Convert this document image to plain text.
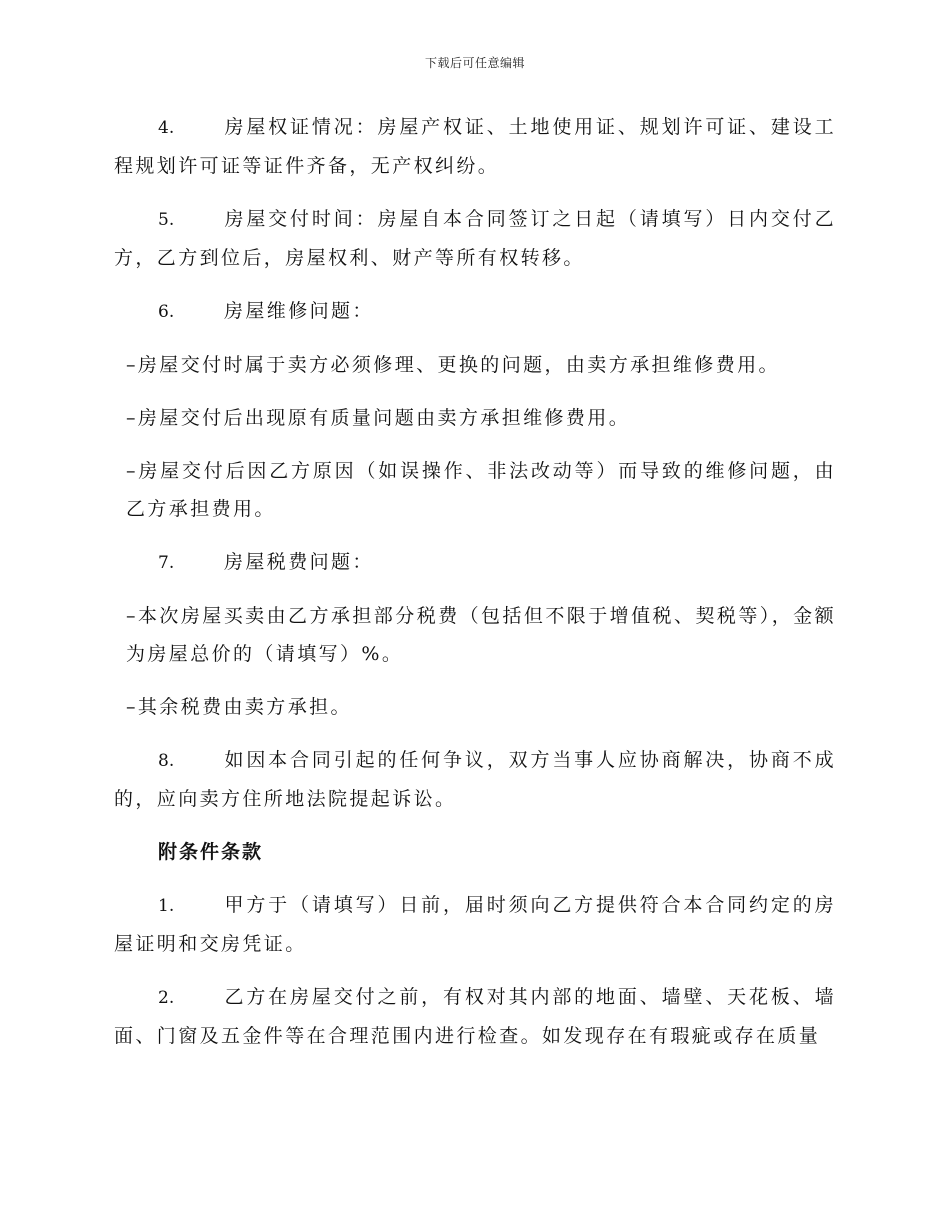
下载后可任意编辑

4.	房屋权证情况：房屋产权证、土地使用证、规划许可证、建设工程规划许可证等证件齐备，无产权纠纷。

5.	房屋交付时间：房屋自本合同签订之日起（请填写）日内交付乙方，乙方到位后，房屋权利、财产等所有权转移。

6.	房屋维修问题：

–房屋交付时属于卖方必须修理、更换的问题，由卖方承担维修费用。

–房屋交付后出现原有质量问题由卖方承担维修费用。

–房屋交付后因乙方原因（如误操作、非法改动等）而导致的维修问题，由乙方承担费用。

7.	房屋税费问题：

–本次房屋买卖由乙方承担部分税费（包括但不限于增值税、契税等），金额为房屋总价的（请填写）%。

–其余税费由卖方承担。

8.	如因本合同引起的任何争议，双方当事人应协商解决，协商不成的，应向卖方住所地法院提起诉讼。

附条件条款

1.	甲方于（请填写）日前，届时须向乙方提供符合本合同约定的房屋证明和交房凭证。

2.	乙方在房屋交付之前，有权对其内部的地面、墙壁、天花板、墙面、门窗及五金件等在合理范围内进行检查。如发现存在有瑕疵或存在质量
